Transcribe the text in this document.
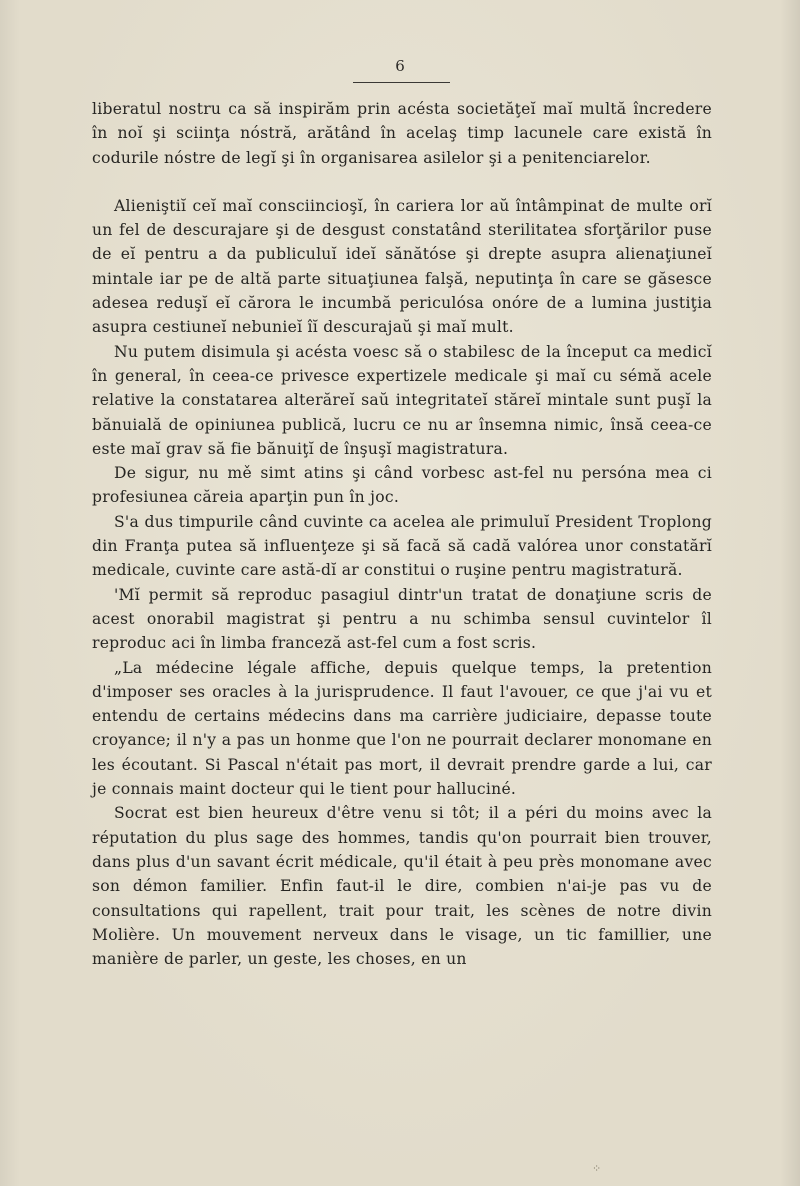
6

liberatul nostru ca să inspirăm prin acésta societăţeĭ maĭ multă încredere în noĭ şi sciinţa nóstră, arătând în acelaş timp lacunele care există în codurile nóstre de legĭ şi în organisarea asilelor şi a penitenciarelor.

Alieniştiĭ ceĭ maĭ consciincioşĭ, în cariera lor aŭ întâmpinat de multe orĭ un fel de descurajare şi de desgust constatând sterilitatea sforţărilor puse de eĭ pentru a da publiculuĭ ideĭ sănătóse şi drepte asupra alienaţiuneĭ mintale iar pe de altă parte situaţiunea falşă, neputinţa în care se găsesce adesea reduşĭ eĭ cărora le incumbă periculósa onóre de a lumina justiţia asupra cestiuneĭ nebunieĭ îĭ descurajaŭ şi maĭ mult.

Nu putem disimula şi acésta voesc să o stabilesc de la început ca medicĭ în general, în ceea-ce privesce expertizele medicale şi maĭ cu sémă acele relative la constatarea alterăreĭ saŭ integritateĭ stăreĭ mintale sunt puşĭ la bănuială de opiniunea publică, lucru ce nu ar însemna nimic, însă ceea-ce este maĭ grav să fie bănuiţĭ de înşuşĭ magistratura.

De sigur, nu mě simt atins şi când vorbesc ast-fel nu persóna mea ci profesiunea căreia aparţin pun în joc.

S'a dus timpurile când cuvinte ca acelea ale primuluĭ President Troplong din Franţa putea să influenţeze şi să facă să cadă valórea unor constatărĭ medicale, cuvinte care astă-dĭ ar constitui o ruşine pentru magistratură.

'Mĭ permit să reproduc pasagiul dintr'un tratat de donaţiune scris de acest onorabil magistrat şi pentru a nu schimba sensul cuvintelor îl reproduc aci în limba franceză ast-fel cum a fost scris.

„La médecine légale affiche, depuis quelque temps, la pretention d'imposer ses oracles à la jurisprudence. Il faut l'avouer, ce que j'ai vu et entendu de certains médecins dans ma carrière judiciaire, depasse toute croyance; il n'y a pas un honme que l'on ne pourrait declarer monomane en les écoutant. Si Pascal n'était pas mort, il devrait prendre garde a lui, car je connais maint docteur qui le tient pour halluciné.

Socrat est bien heureux d'être venu si tôt; il a péri du moins avec la réputation du plus sage des hommes, tandis qu'on pourrait bien trouver, dans plus d'un savant écrit médicale, qu'il était à peu près monomane avec son démon familier. Enfin faut-il le dire, combien n'ai-je pas vu de consultations qui rapellent, trait pour trait, les scènes de notre divin Molière. Un mouvement nerveux dans le visage, un tic famillier, une manière de parler, un geste, les choses, en un

⁘
